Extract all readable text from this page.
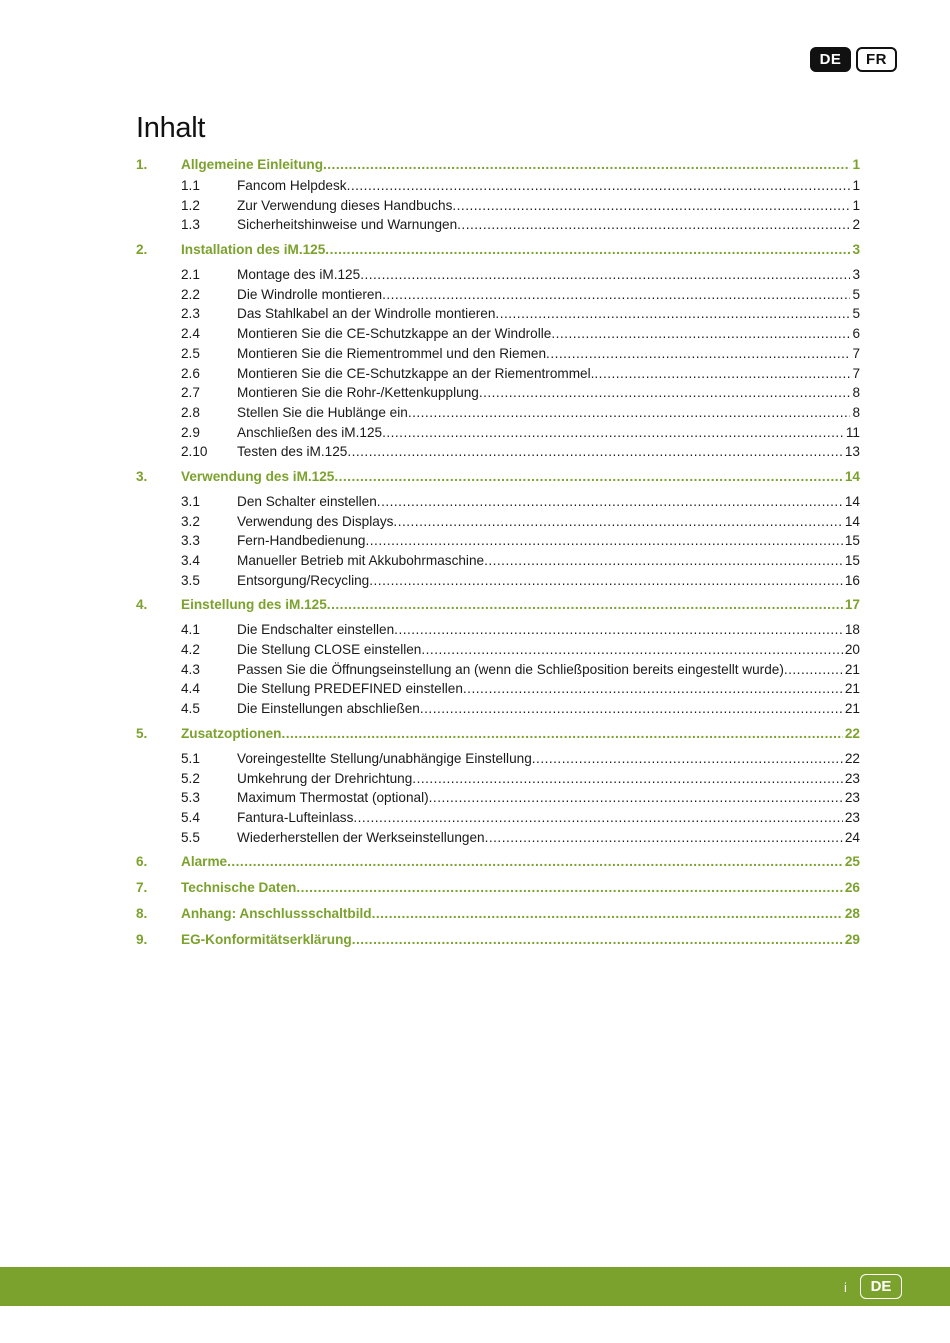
DE	FR
Inhalt
1.	Allgemeine Einleitung .....	1
1.1	Fancom Helpdesk .....	1
1.2	Zur Verwendung dieses Handbuchs .....	1
1.3	Sicherheitshinweise und Warnungen .....	2
2.	Installation des iM.125 .....	3
2.1	Montage des iM.125 .....	3
2.2	Die Windrolle montieren .....	5
2.3	Das Stahlkabel an der Windrolle montieren .....	5
2.4	Montieren Sie die CE-Schutzkappe an der Windrolle .....	6
2.5	Montieren Sie die Riementrommel und den Riemen .....	7
2.6	Montieren Sie die CE-Schutzkappe an der Riementrommel. .....	7
2.7	Montieren Sie die Rohr-/Kettenkupplung .....	8
2.8	Stellen Sie die Hublänge ein .....	8
2.9	Anschließen des iM.125 .....	11
2.10	Testen des iM.125 .....	13
3.	Verwendung des iM.125 .....	14
3.1	Den Schalter einstellen .....	14
3.2	Verwendung des Displays .....	14
3.3	Fern-Handbedienung .....	15
3.4	Manueller Betrieb mit Akkubohrmaschine .....	15
3.5	Entsorgung/Recycling .....	16
4.	Einstellung des iM.125 .....	17
4.1	Die Endschalter einstellen .....	18
4.2	Die Stellung CLOSE einstellen .....	20
4.3	Passen Sie die Öffnungseinstellung an (wenn die Schließposition bereits eingestellt wurde) .....	21
4.4	Die Stellung PREDEFINED einstellen .....	21
4.5	Die Einstellungen abschließen .....	21
5.	Zusatzoptionen .....	22
5.1	Voreingestellte Stellung/unabhängige Einstellung .....	22
5.2	Umkehrung der Drehrichtung .....	23
5.3	Maximum Thermostat (optional) .....	23
5.4	Fantura-Lufteinlass .....	23
5.5	Wiederherstellen der Werkseinstellungen .....	24
6.	Alarme .....	25
7.	Technische Daten .....	26
8.	Anhang: Anschlussschaltbild .....	28
9.	EG-Konformitätserklärung .....	29
i	DE
